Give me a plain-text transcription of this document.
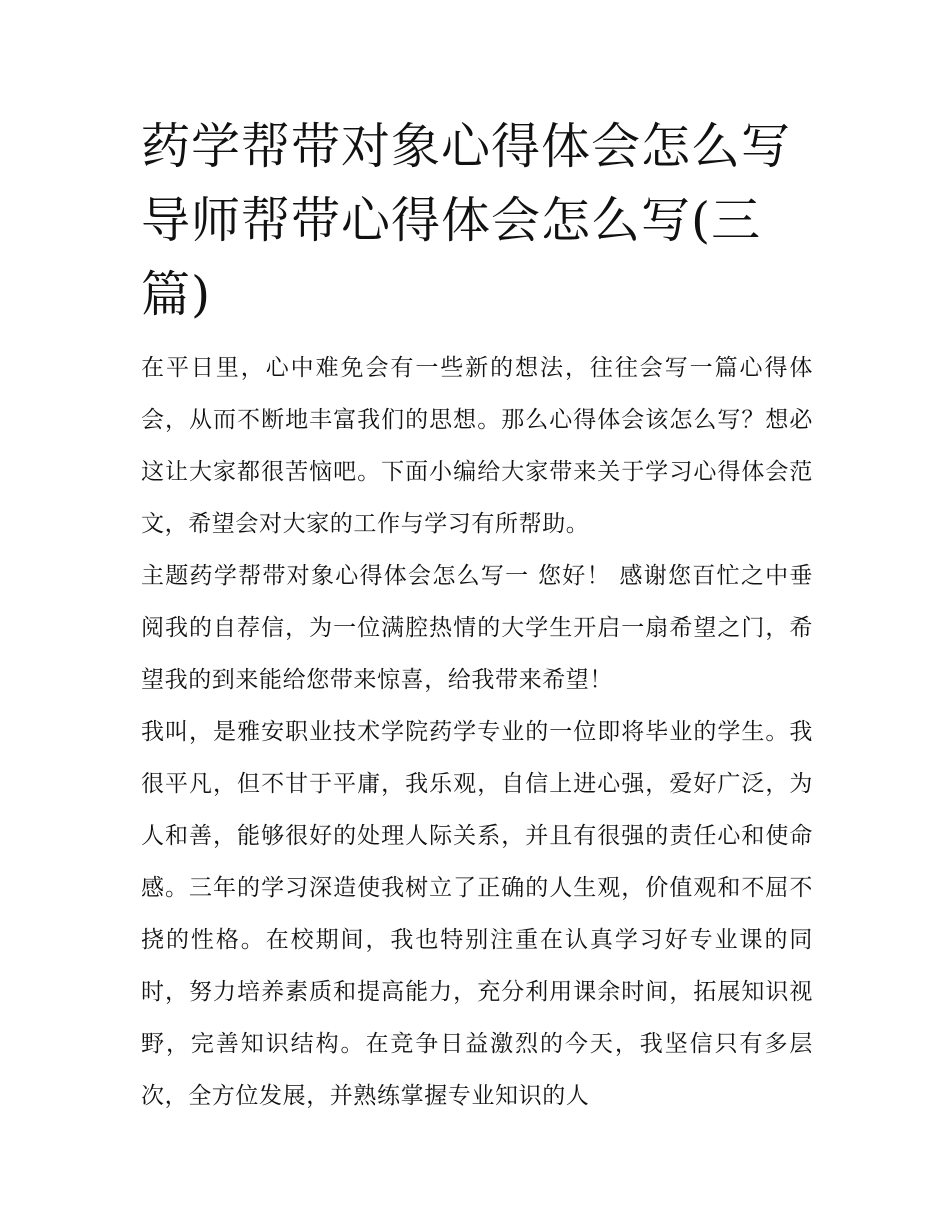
药学帮带对象心得体会怎么写导师帮带心得体会怎么写(三篇)

在平日里，心中难免会有一些新的想法，往往会写一篇心得体会，从而不断地丰富我们的思想。那么心得体会该怎么写？想必这让大家都很苦恼吧。下面小编给大家带来关于学习心得体会范文，希望会对大家的工作与学习有所帮助。

主题药学帮带对象心得体会怎么写一 您好！ 感谢您百忙之中垂阅我的自荐信，为一位满腔热情的大学生开启一扇希望之门，希望我的到来能给您带来惊喜，给我带来希望！

我叫，是雅安职业技术学院药学专业的一位即将毕业的学生。我很平凡，但不甘于平庸，我乐观，自信上进心强，爱好广泛，为人和善，能够很好的处理人际关系，并且有很强的责任心和使命感。三年的学习深造使我树立了正确的人生观，价值观和不屈不挠的性格。在校期间，我也特别注重在认真学习好专业课的同时，努力培养素质和提高能力，充分利用课余时间，拓展知识视野，完善知识结构。在竞争日益激烈的今天，我坚信只有多层次，全方位发展，并熟练掌握专业知识的人
